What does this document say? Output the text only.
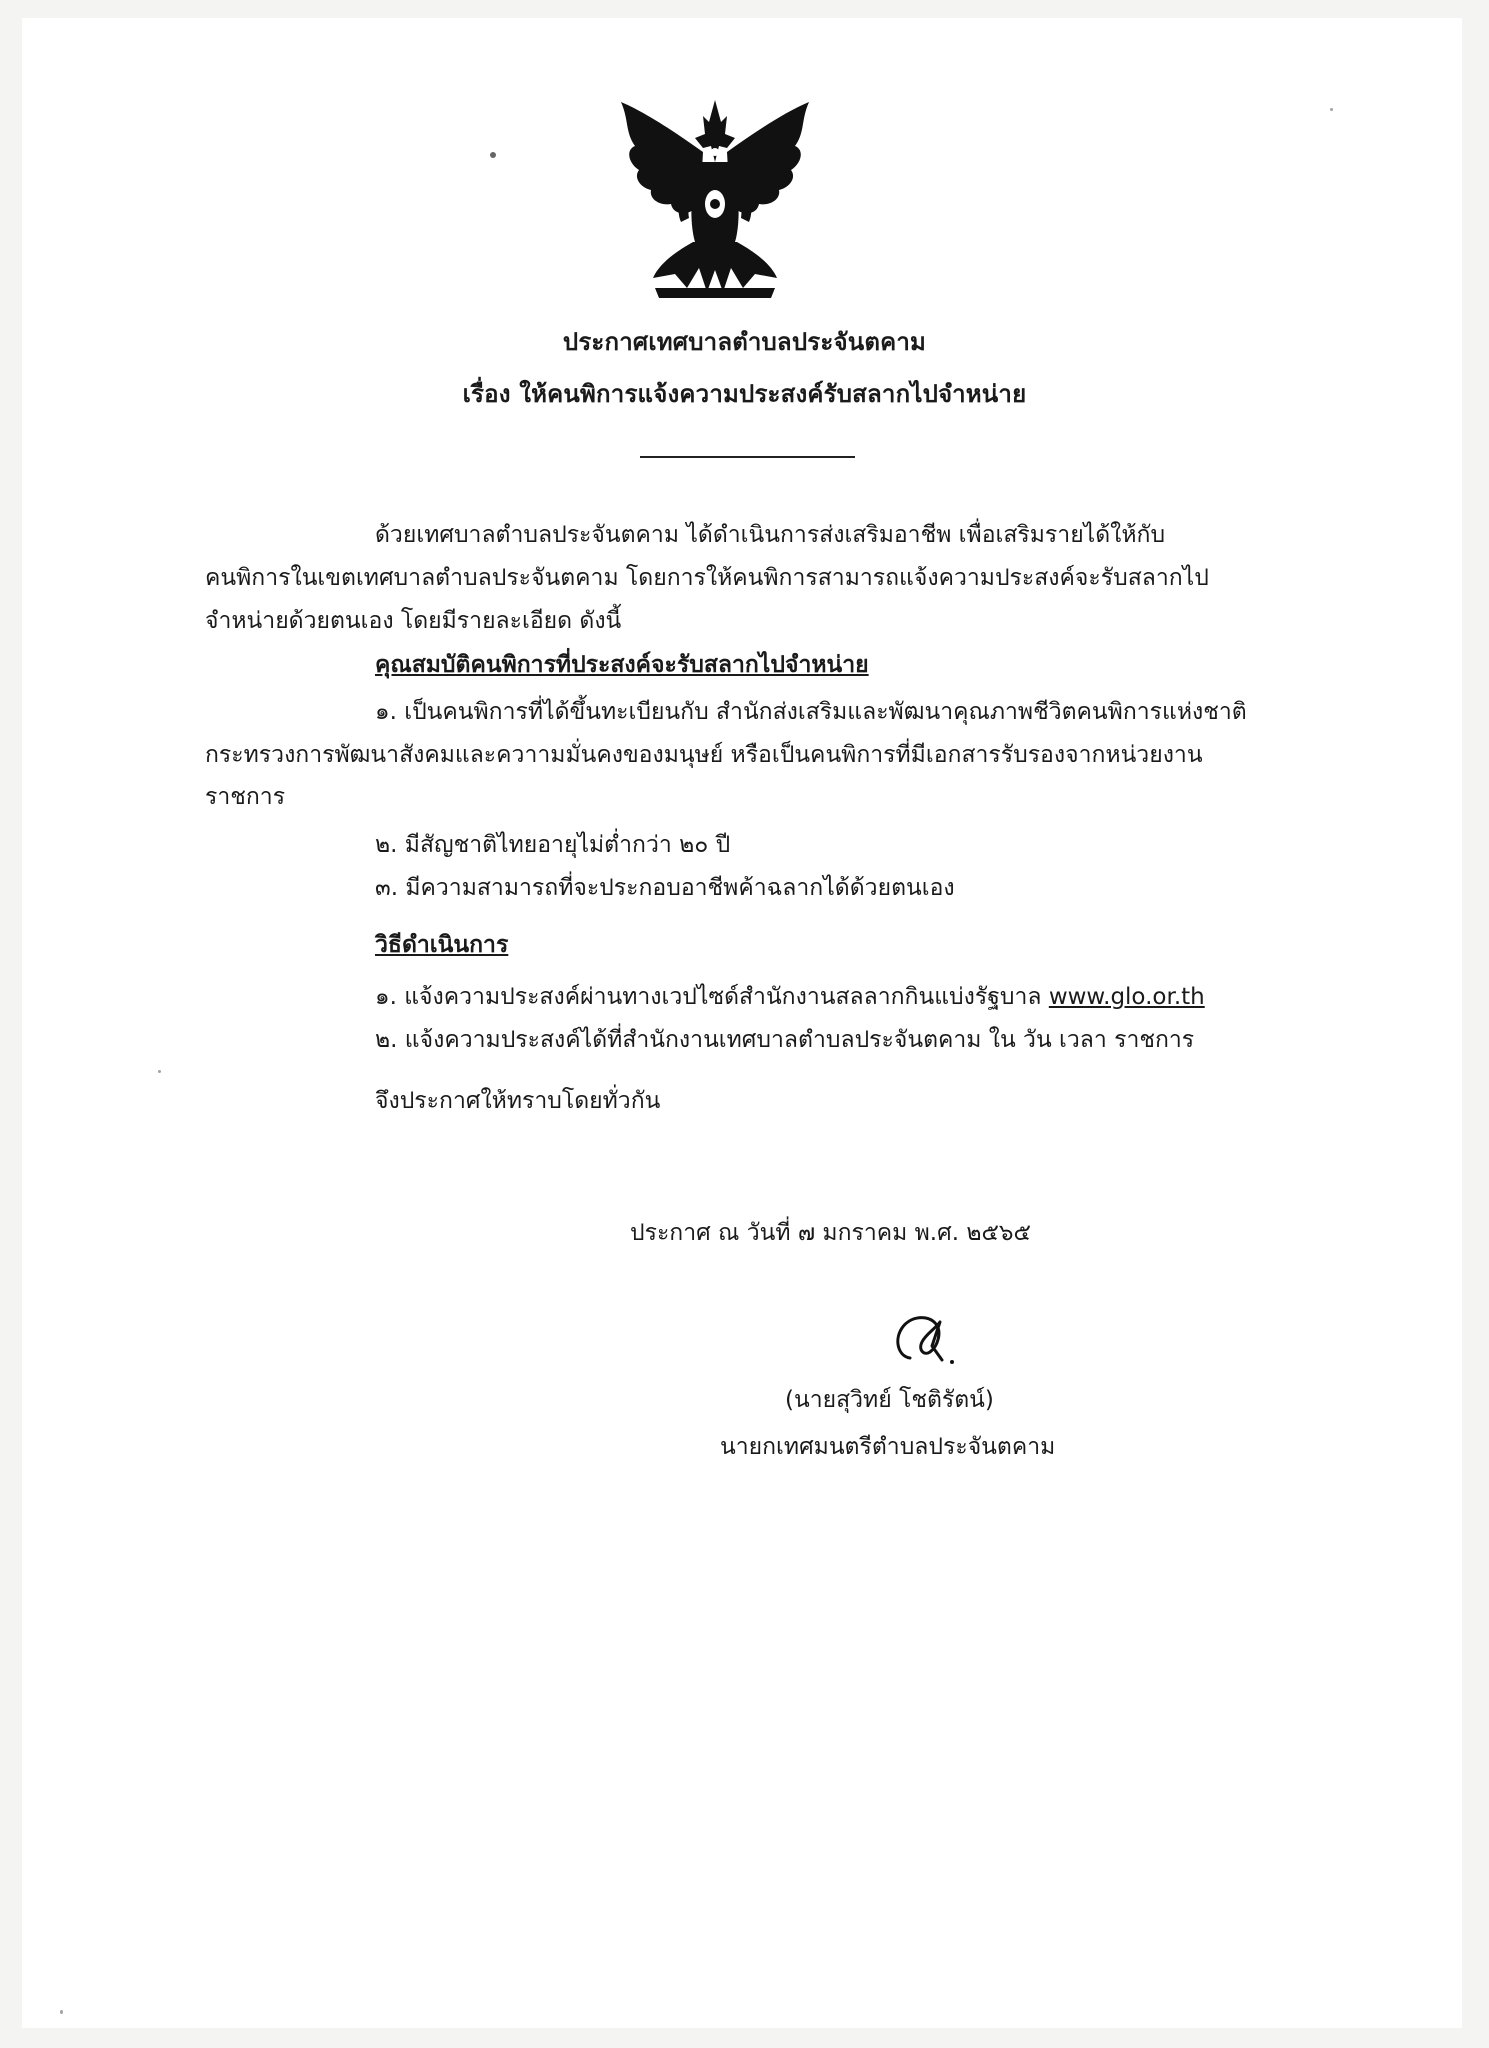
ประกาศเทศบาลตำบลประจันตคาม
เรื่อง ให้คนพิการแจ้งความประสงค์รับสลากไปจำหน่าย
ด้วยเทศบาลตำบลประจันตคาม ได้ดำเนินการส่งเสริมอาชีพ เพื่อเสริมรายได้ให้กับ
คนพิการในเขตเทศบาลตำบลประจันตคาม โดยการให้คนพิการสามารถแจ้งความประสงค์จะรับสลากไป
จำหน่ายด้วยตนเอง โดยมีรายละเอียด ดังนี้
คุณสมบัติคนพิการที่ประสงค์จะรับสลากไปจำหน่าย
๑. เป็นคนพิการที่ได้ขึ้นทะเบียนกับ สำนักส่งเสริมและพัฒนาคุณภาพชีวิตคนพิการแห่งชาติ
กระทรวงการพัฒนาสังคมและควาามมั่นคงของมนุษย์ หรือเป็นคนพิการที่มีเอกสารรับรองจากหน่วยงาน
ราชการ
๒. มีสัญชาติไทยอายุไม่ต่ำกว่า ๒๐ ปี
๓. มีความสามารถที่จะประกอบอาชีพค้าฉลากได้ด้วยตนเอง
วิธีดำเนินการ
๑. แจ้งความประสงค์ผ่านทางเวปไซด์สำนักงานสลลากกินแบ่งรัฐบาล www.glo.or.th
๒. แจ้งความประสงค์ได้ที่สำนักงานเทศบาลตำบลประจันตคาม ใน วัน เวลา ราชการ
จึงประกาศให้ทราบโดยทั่วกัน
ประกาศ ณ วันที่ ๗ มกราคม พ.ศ. ๒๕๖๕
(นายสุวิทย์ โชติรัตน์)
นายกเทศมนตรีตำบลประจันตคาม
